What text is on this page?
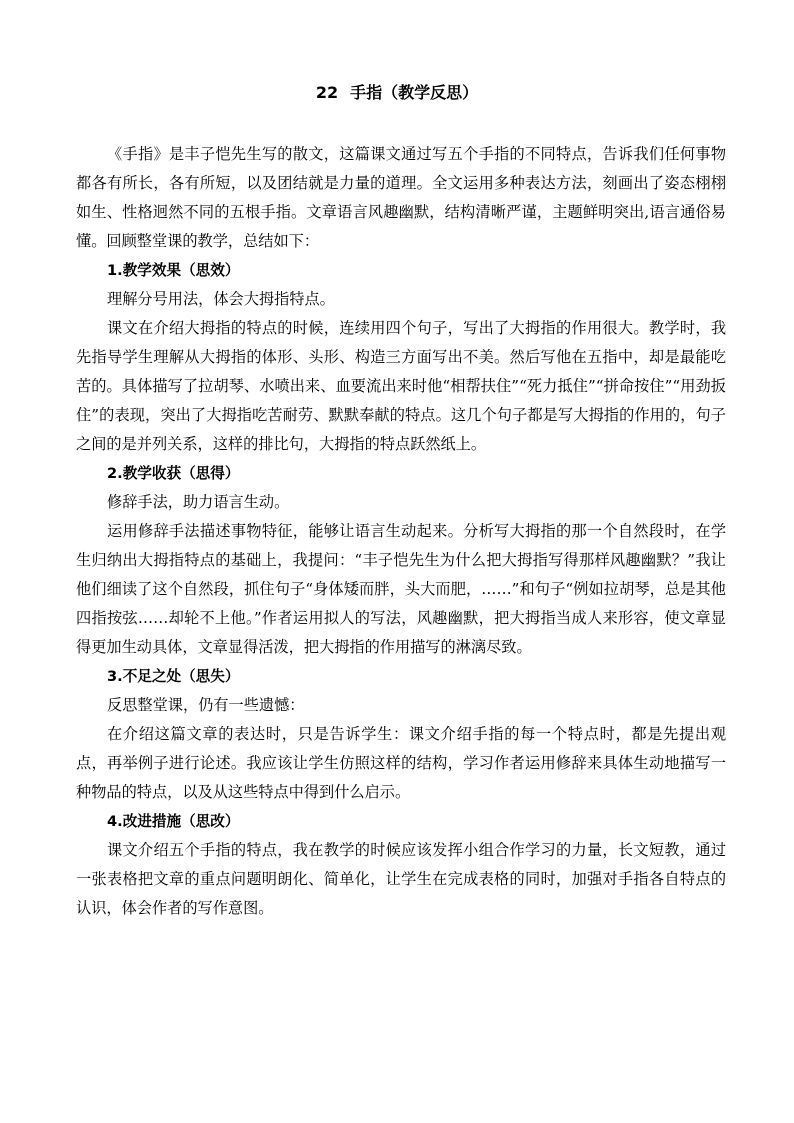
22 手指（教学反思）

《手指》是丰子恺先生写的散文，这篇课文通过写五个手指的不同特点，告诉我们任何事物都各有所长，各有所短，以及团结就是力量的道理。全文运用多种表达方法，刻画出了姿态栩栩如生、性格迥然不同的五根手指。文章语言风趣幽默，结构清晰严谨，主题鲜明突出,语言通俗易懂。回顾整堂课的教学，总结如下：

1.教学效果（思效）

理解分号用法，体会大拇指特点。

课文在介绍大拇指的特点的时候，连续用四个句子，写出了大拇指的作用很大。教学时，我先指导学生理解从大拇指的体形、头形、构造三方面写出不美。然后写他在五指中，却是最能吃苦的。具体描写了拉胡琴、水喷出来、血要流出来时他“相帮扶住”“死力抵住”“拼命按住”“用劲扳住”的表现，突出了大拇指吃苦耐劳、默默奉献的特点。这几个句子都是写大拇指的作用的，句子之间的是并列关系，这样的排比句，大拇指的特点跃然纸上。

2.教学收获（思得）

修辞手法，助力语言生动。

运用修辞手法描述事物特征，能够让语言生动起来。分析写大拇指的那一个自然段时，在学生归纳出大拇指特点的基础上，我提问：“丰子恺先生为什么把大拇指写得那样风趣幽默？”我让他们细读了这个自然段，抓住句子“身体矮而胖，头大而肥，……”和句子“例如拉胡琴，总是其他四指按弦……却轮不上他。”作者运用拟人的写法，风趣幽默，把大拇指当成人来形容，使文章显得更加生动具体，文章显得活泼，把大拇指的作用描写的淋漓尽致。

3.不足之处（思失）

反思整堂课，仍有一些遗憾：

在介绍这篇文章的表达时，只是告诉学生：课文介绍手指的每一个特点时，都是先提出观点，再举例子进行论述。我应该让学生仿照这样的结构，学习作者运用修辞来具体生动地描写一种物品的特点，以及从这些特点中得到什么启示。

4.改进措施（思改）

课文介绍五个手指的特点，我在教学的时候应该发挥小组合作学习的力量，长文短教，通过一张表格把文章的重点问题明朗化、简单化，让学生在完成表格的同时，加强对手指各自特点的认识，体会作者的写作意图。
